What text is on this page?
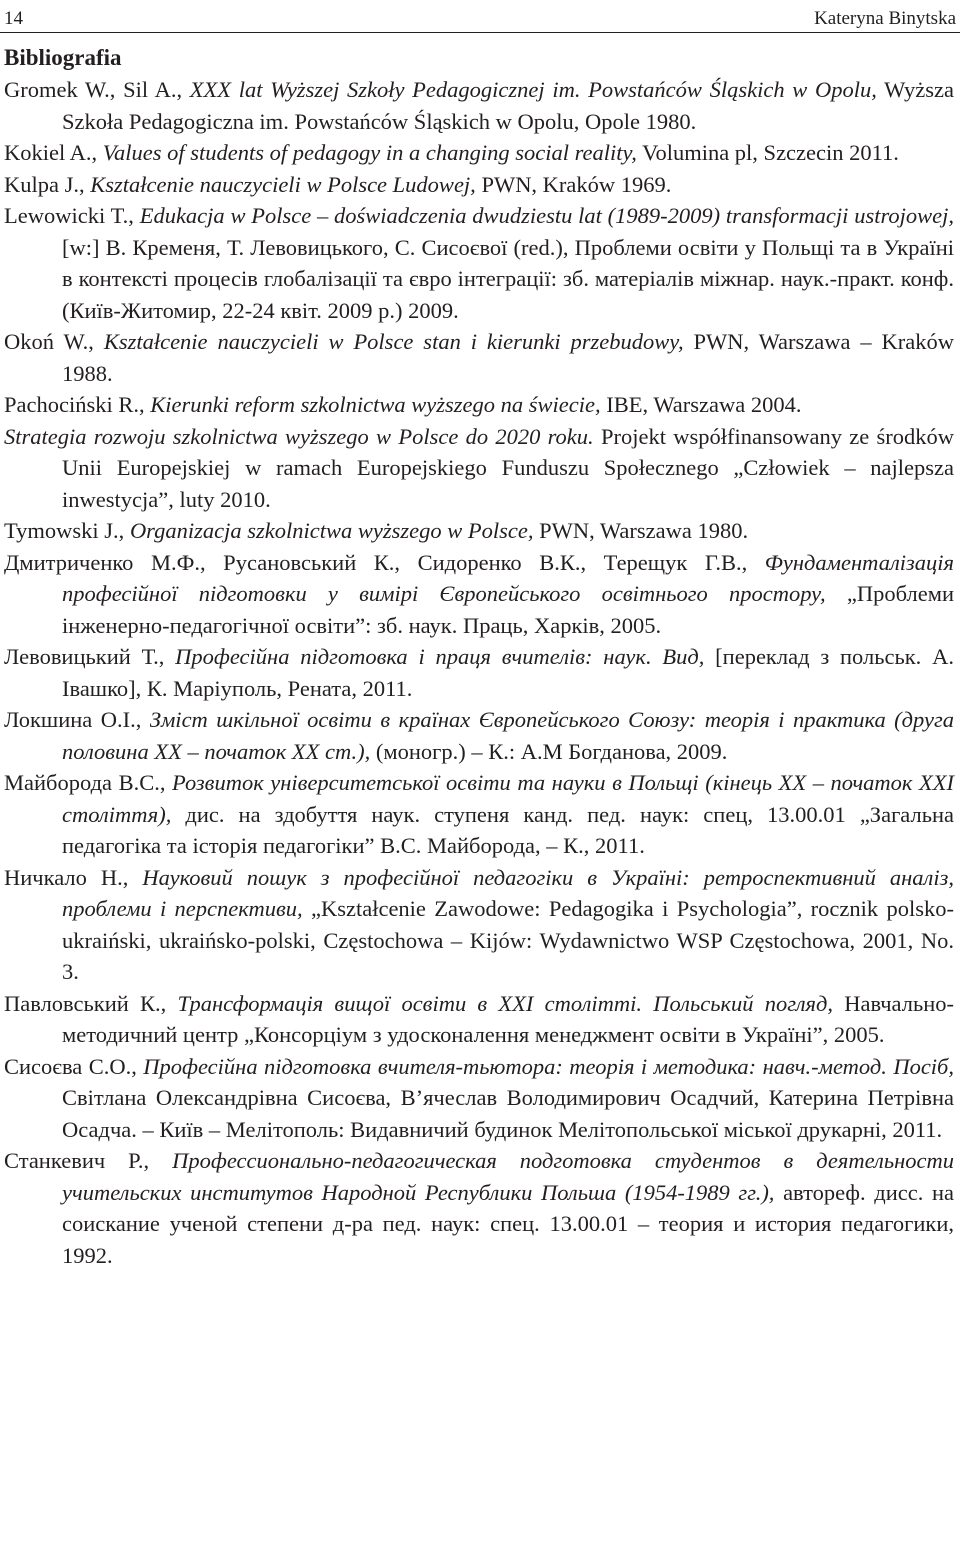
14	Kateryna Binytska
Bibliografia

Gromek W., Sil A., XXX lat Wyższej Szkoły Pedagogicznej im. Powstańców Śląskich w Opolu, Wyższa Szkoła Pedagogiczna im. Powstańców Śląskich w Opolu, Opole 1980.

Kokiel A., Values of students of pedagogy in a changing social reality, Volumina pl, Szczecin 2011.

Kulpa J., Kształcenie nauczycieli w Polsce Ludowej, PWN, Kraków 1969.

Lewowicki T., Edukacja w Polsce – doświadczenia dwudziestu lat (1989-2009) transformacji ustrojowej, [w:] В. Кременя, Т. Левовицького, С. Сисоєвої (red.), Проблеми освіти у Польщі та в Україні в контексті процесів глобалізації та євро інтеграції: зб. матеріалів міжнар. наук.-практ. конф. (Київ-Житомир, 22-24 квіт. 2009 р.) 2009.

Okoń W., Kształcenie nauczycieli w Polsce stan i kierunki przebudowy, PWN, Warszawa – Kraków 1988.

Pachociński R., Kierunki reform szkolnictwa wyższego na świecie, IBE, Warszawa 2004.

Strategia rozwoju szkolnictwa wyższego w Polsce do 2020 roku. Projekt współfinansowany ze środków Unii Europejskiej w ramach Europejskiego Funduszu Społecznego „Człowiek – najlepsza inwestycja”, luty 2010.

Tymowski J., Organizacja szkolnictwa wyższego w Polsce, PWN, Warszawa 1980.

Дмитриченко М.Ф., Русановський К., Сидоренко В.К., Терещук Г.В., Фундаменталізація професійної підготовки у вимірі Європейського освітнього простору, „Проблеми інженерно-педагогічної освіти”: зб. наук. Праць, Харків, 2005.

Левовицький Т., Професійна підготовка і праця вчителів: наук. Вид, [переклад з польськ. А. Івашко], К. Маріуполь, Рената, 2011.

Локшина О.І., Зміст шкільної освіти в країнах Європейського Союзу: теорія і практика (друга половина XX – початок XX ст.), (моногр.) – К.: А.М Богданова, 2009.

Майборода В.С., Розвиток університетської освіти та науки в Польщі (кінець XX – початок XXI століття), дис. на здобуття наук. ступеня канд. пед. наук: спец, 13.00.01 „Загальна педагогіка та історія педагогіки” В.С. Майборода, – К., 2011.

Ничкало Н., Науковий пошук з професійної педагогіки в Україні: ретроспективний аналіз, проблеми і перспективи, „Kształcenie Zawodowe: Pedagogika i Psychologia”, rocznik polsko-ukraiński, ukraińsko-polski, Częstochowa – Kijów: Wydawnictwo WSP Częstochowa, 2001, No. 3.

Павловський К., Трансформація вищої освіти в XXI столітті. Польський погляд, Навчально-методичний центр „Консорціум з удосконалення менеджмент освіти в Україні”, 2005.

Сисоєва С.О., Професійна підготовка вчителя-тьютора: теорія і методика: навч.-метод. Посіб, Світлана Олександрівна Сисоєва, В’ячеслав Володимирович Осадчий, Катерина Петрівна Осадча. – Київ – Мелітополь: Видавничий будинок Мелітопольської міської друкарні, 2011.

Станкевич Р., Профессионально-педагогическая подготовка студентов в деятельности учительских институтов Народной Республики Польша (1954-1989 гг.), автореф. дисс. на соискание ученой степени д-ра пед. наук: спец. 13.00.01 – теория и история педагогики, 1992.
